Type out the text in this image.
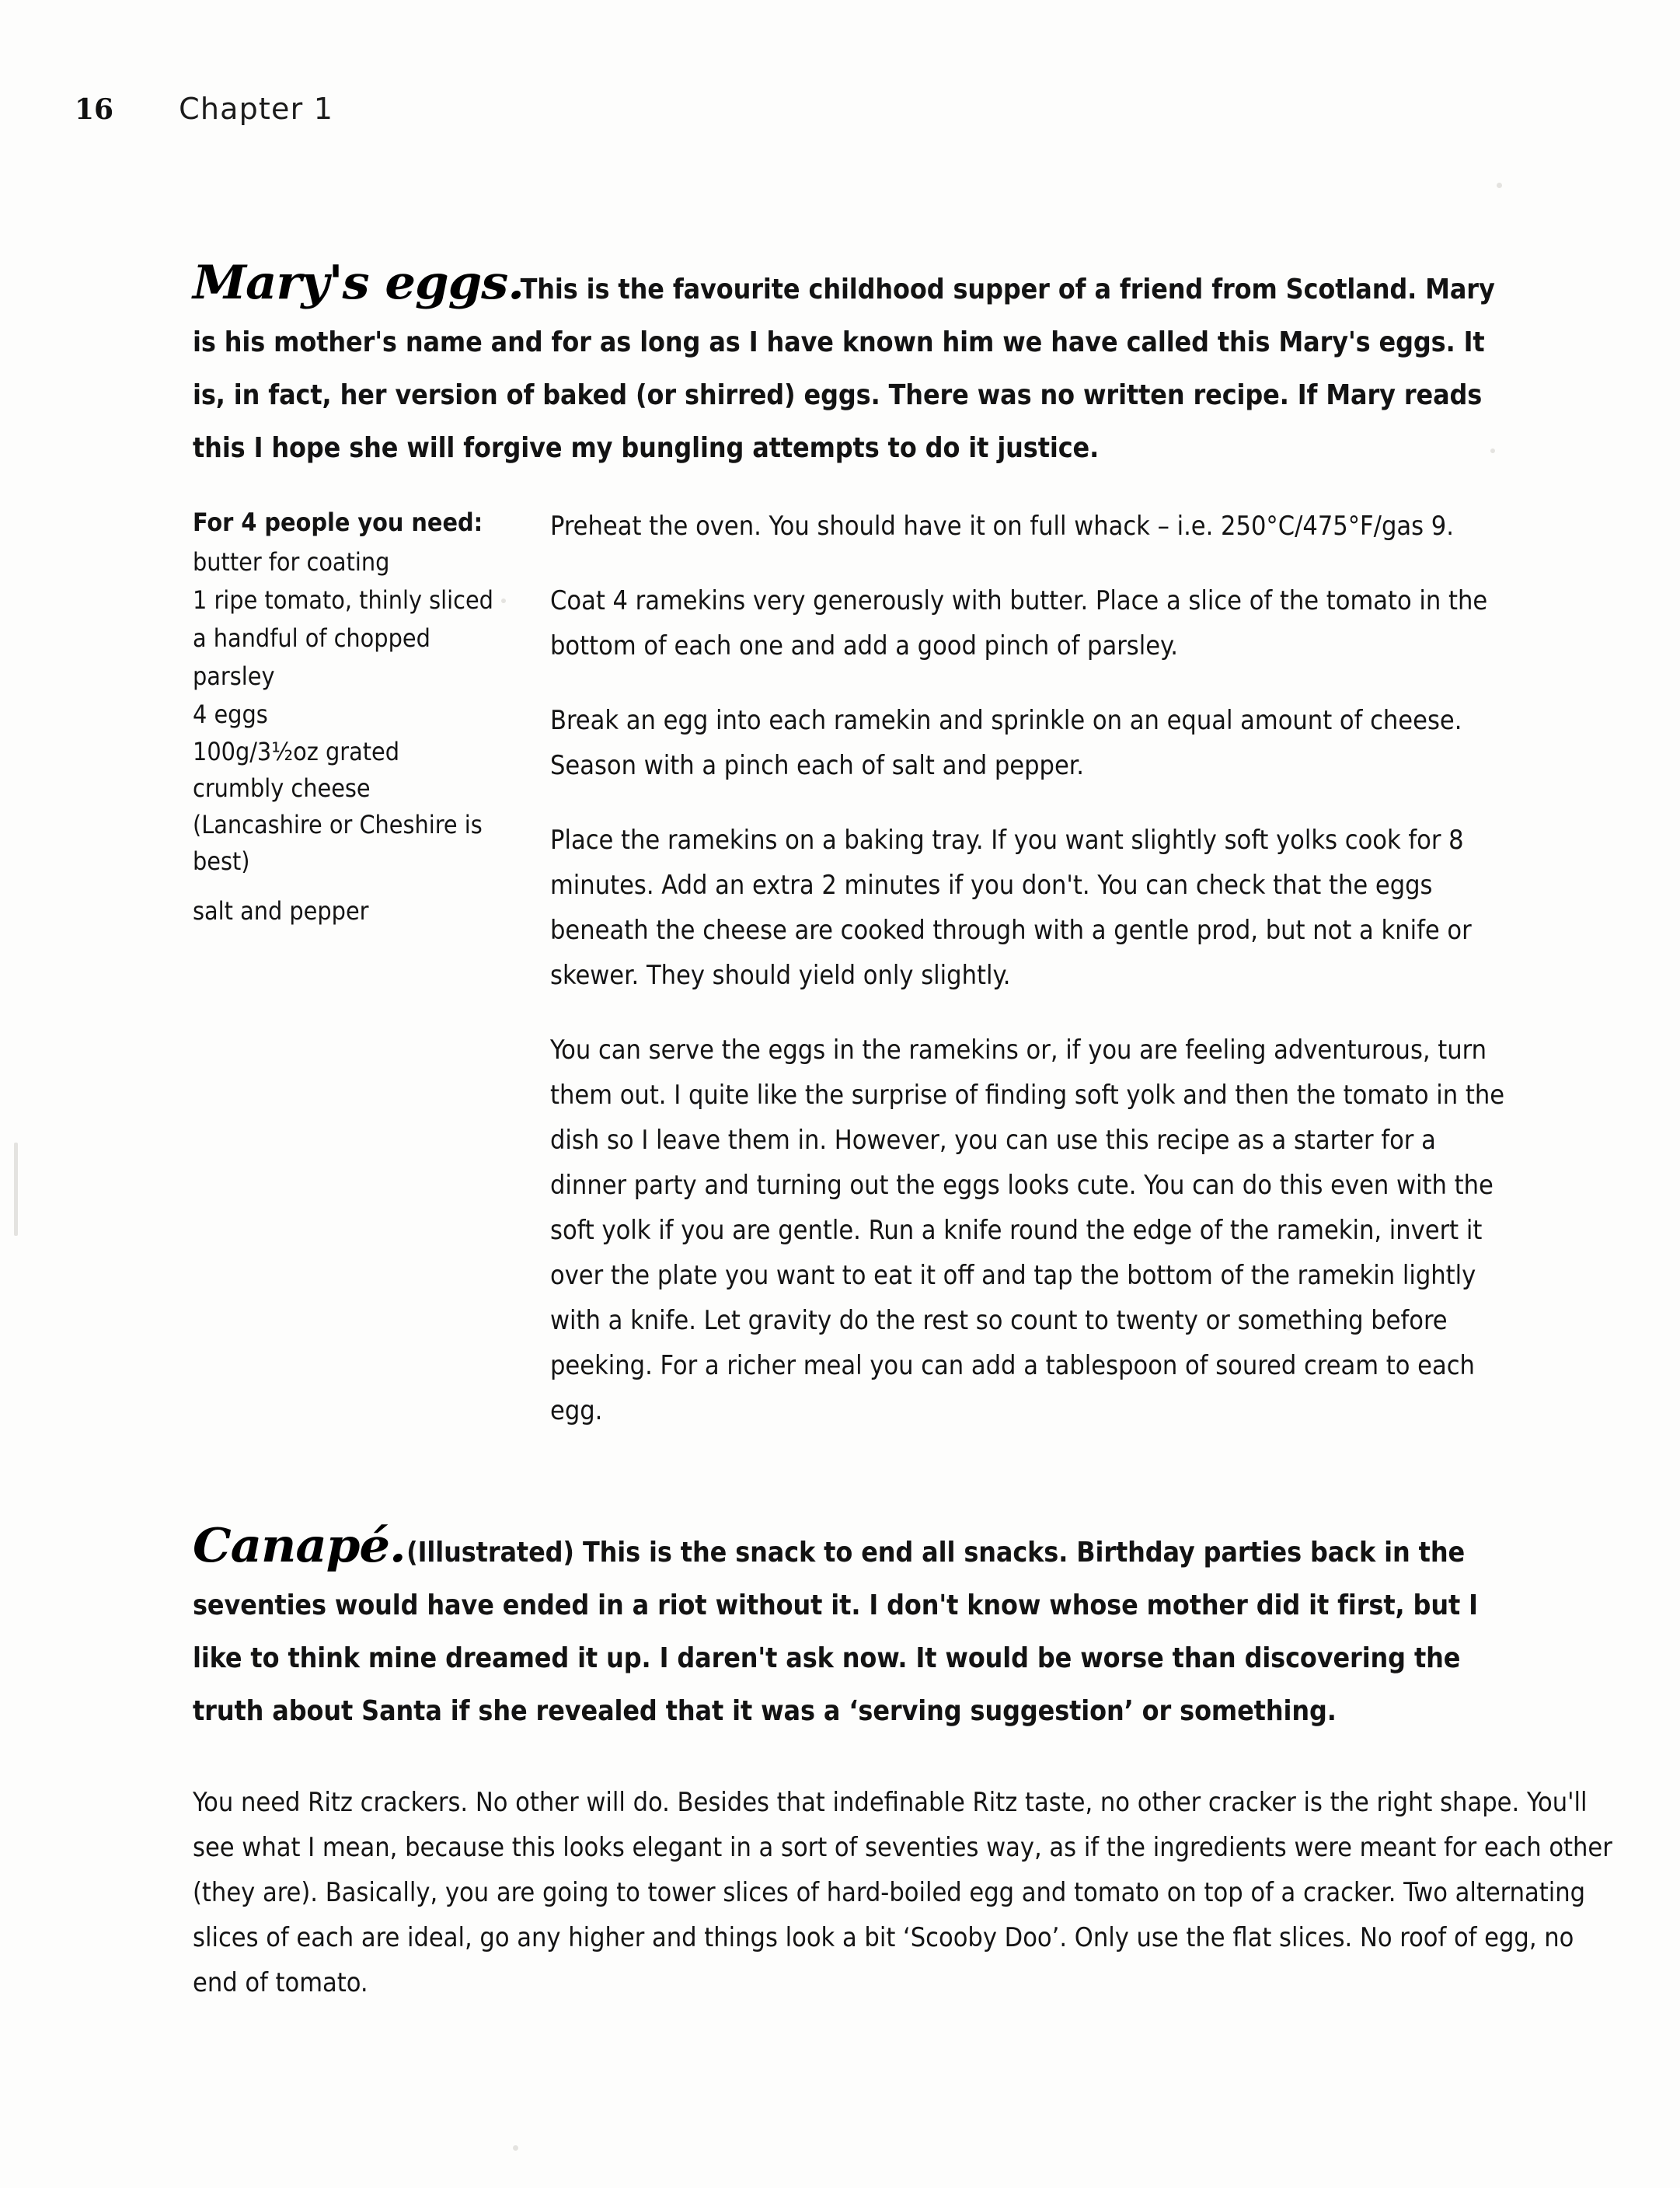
16 Chapter 1
Mary's eggs.This is the favourite childhood supper of a friend from Scotland. Mary is his mother's name and for as long as I have known him we have called this Mary's eggs. It is, in fact, her version of baked (or shirred) eggs. There was no written recipe. If Mary reads this I hope she will forgive my bungling attempts to do it justice.
For 4 people you need:
butter for coating
1 ripe tomato, thinly sliced
a handful of chopped parsley
4 eggs
100g/3½oz grated crumbly cheese (Lancashire or Cheshire is best)
salt and pepper

Preheat the oven. You should have it on full whack – i.e. 250°C/475°F/gas 9.

Coat 4 ramekins very generously with butter. Place a slice of the tomato in the bottom of each one and add a good pinch of parsley.

Break an egg into each ramekin and sprinkle on an equal amount of cheese. Season with a pinch each of salt and pepper.

Place the ramekins on a baking tray. If you want slightly soft yolks cook for 8 minutes. Add an extra 2 minutes if you don't. You can check that the eggs beneath the cheese are cooked through with a gentle prod, but not a knife or skewer. They should yield only slightly.

You can serve the eggs in the ramekins or, if you are feeling adventurous, turn them out. I quite like the surprise of finding soft yolk and then the tomato in the dish so I leave them in. However, you can use this recipe as a starter for a dinner party and turning out the eggs looks cute. You can do this even with the soft yolk if you are gentle. Run a knife round the edge of the ramekin, invert it over the plate you want to eat it off and tap the bottom of the ramekin lightly with a knife. Let gravity do the rest so count to twenty or something before peeking. For a richer meal you can add a tablespoon of soured cream to each egg.

Canapé.(Illustrated) This is the snack to end all snacks. Birthday parties back in the seventies would have ended in a riot without it. I don't know whose mother did it first, but I like to think mine dreamed it up. I daren't ask now. It would be worse than discovering the truth about Santa if she revealed that it was a ‘serving suggestion’ or something.

You need Ritz crackers. No other will do. Besides that indefinable Ritz taste, no other cracker is the right shape. You'll see what I mean, because this looks elegant in a sort of seventies way, as if the ingredients were meant for each other (they are). Basically, you are going to tower slices of hard-boiled egg and tomato on top of a cracker. Two alternating slices of each are ideal, go any higher and things look a bit ‘Scooby Doo’. Only use the flat slices. No roof of egg, no end of tomato.
